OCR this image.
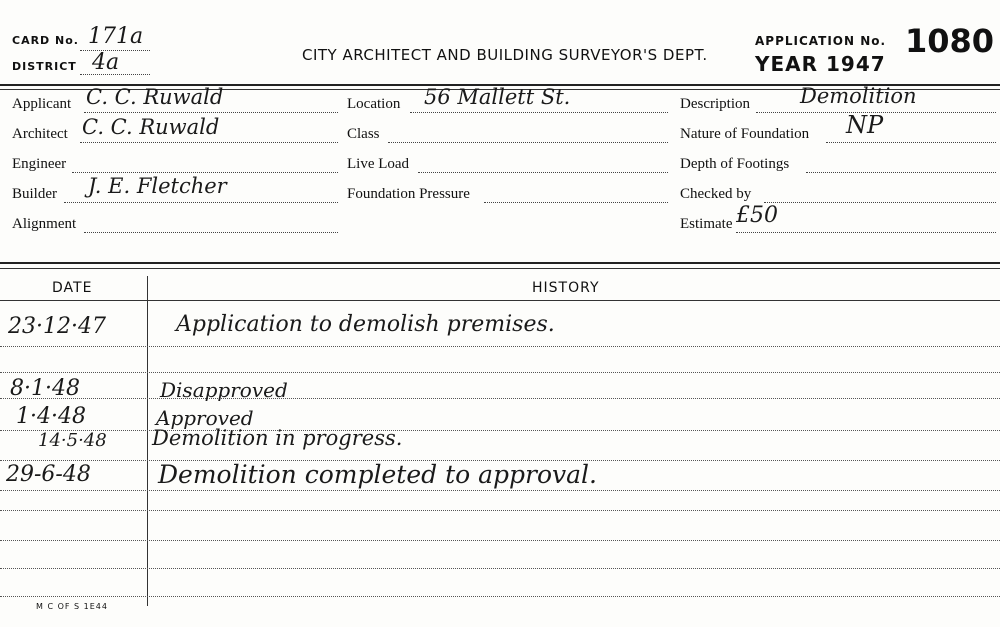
CARD No. 171a
DISTRICT 4a	CITY ARCHITECT AND BUILDING SURVEYOR'S DEPT.
APPLICATION No. 1080
YEAR 1947
Applicant C. C. Ruwald
Architect C. C. Ruwald
Engineer
Builder J. E. Fletcher
Alignment
Location 56 Mallett St.
Class
Live Load
Foundation Pressure
Description Demolition
Nature of Foundation NP
Depth of Footings
Checked by
Estimate £50
DATE	HISTORY
23·12·47	Application to demolish premises.
8·1·48	Disapproved
1·4·48	Approved
14·5·48 Demolition in progress.
29-6-48	Demolition completed to approval.
M C OF S 1E44
